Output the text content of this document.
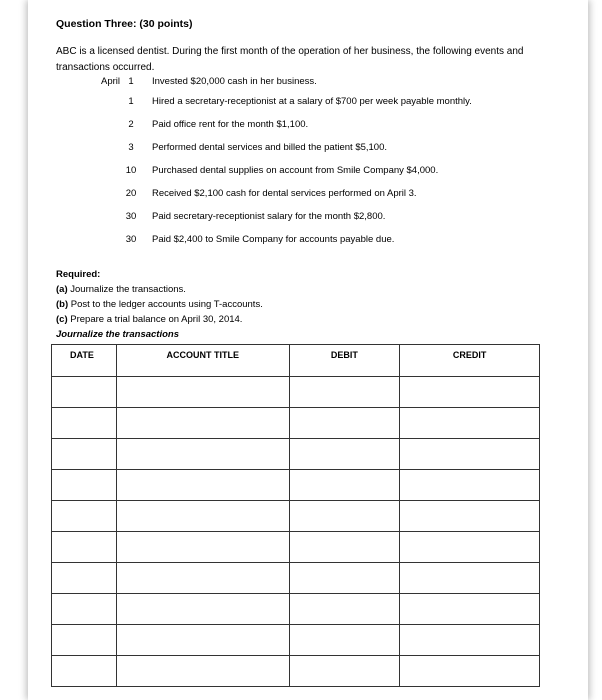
Question Three: (30 points)

ABC is a licensed dentist. During the first month of the operation of her business, the following events and transactions occurred.

April 1	Invested $20,000 cash in her business.
1	Hired a secretary-receptionist at a salary of $700 per week payable monthly.
2	Paid office rent for the month $1,100.
3	Performed dental services and billed the patient $5,100.
10	Purchased dental supplies on account from Smile Company $4,000.
20	Received $2,100 cash for dental services performed on April 3.
30	Paid secretary-receptionist salary for the month $2,800.
30	Paid $2,400 to Smile Company for accounts payable due.
Required:
(a) Journalize the transactions.
(b) Post to the ledger accounts using T-accounts.
(c) Prepare a trial balance on April 30, 2014.
Journalize the transactions
DATE	ACCOUNT TITLE	DEBIT	CREDIT
